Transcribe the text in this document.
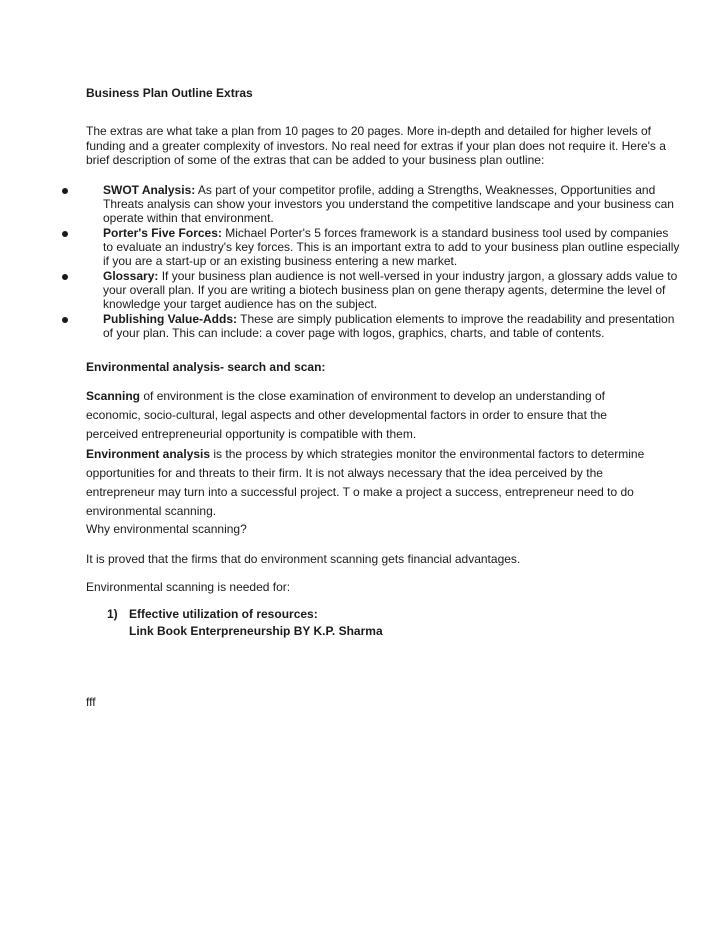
Business Plan Outline Extras
The extras are what take a plan from 10 pages to 20 pages. More in-depth and detailed for higher levels of funding and a greater complexity of investors. No real need for extras if your plan does not require it. Here's a brief description of some of the extras that can be added to your business plan outline:
SWOT Analysis: As part of your competitor profile, adding a Strengths, Weaknesses, Opportunities and Threats analysis can show your investors you understand the competitive landscape and your business can operate within that environment.
Porter's Five Forces: Michael Porter's 5 forces framework is a standard business tool used by companies to evaluate an industry's key forces. This is an important extra to add to your business plan outline especially if you are a start-up or an existing business entering a new market.
Glossary: If your business plan audience is not well-versed in your industry jargon, a glossary adds value to your overall plan. If you are writing a biotech business plan on gene therapy agents, determine the level of knowledge your target audience has on the subject.
Publishing Value-Adds: These are simply publication elements to improve the readability and presentation of your plan. This can include: a cover page with logos, graphics, charts, and table of contents.
Environmental analysis- search and scan:
Scanning of environment is the close examination of environment to develop an understanding of economic, socio-cultural, legal aspects and other developmental factors in order to ensure that the perceived entrepreneurial opportunity is compatible with them.
Environment analysis is the process by which strategies monitor the environmental factors to determine opportunities for and threats to their firm. It is not always necessary that the idea perceived by the entrepreneur may turn into a successful project. T o make a project a success, entrepreneur need to do environmental scanning.
Why environmental scanning?
It is proved that the firms that do environment scanning gets financial advantages.
Environmental scanning is needed for:
1) Effective utilization of resources:
Link Book Enterpreneurship BY K.P. Sharma
fff
